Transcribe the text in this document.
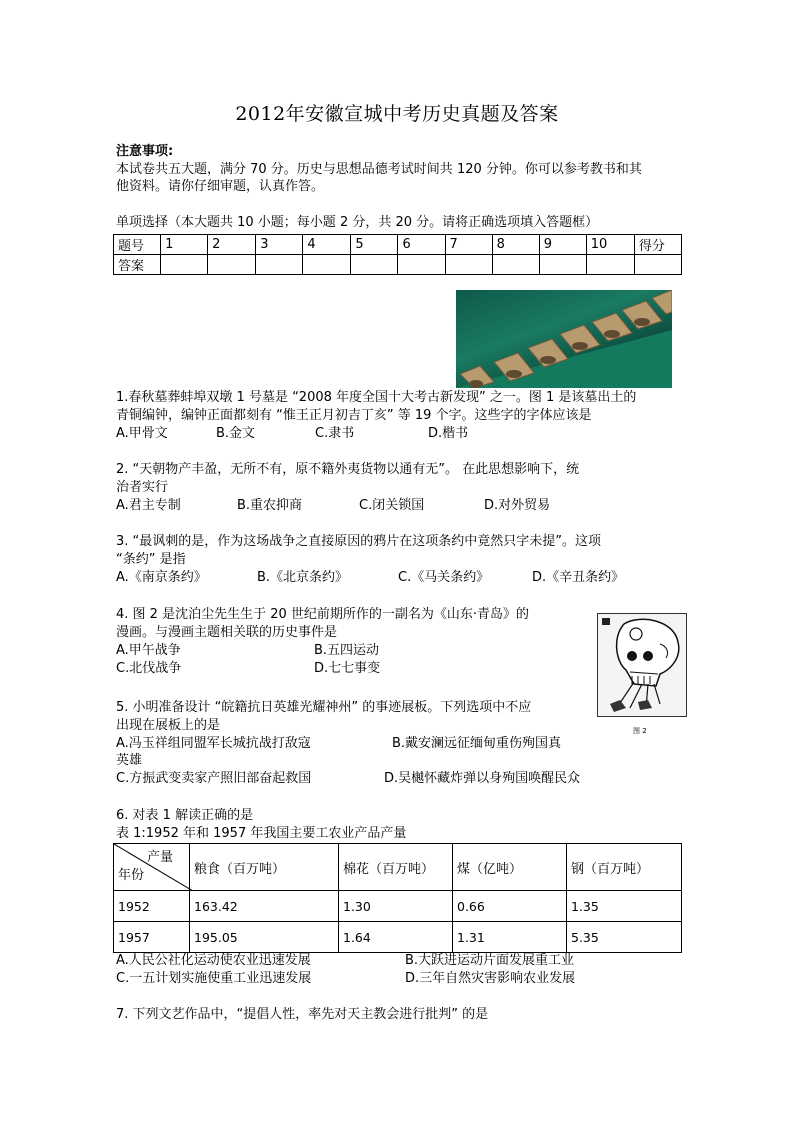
2012年安徽宣城中考历史真题及答案
注意事项:
本试卷共五大题，满分 70 分。历史与思想品德考试时间共 120 分钟。你可以参考教书和其
他资料。请你仔细审题，认真作答。
单项选择（本大题共 10 小题；每小题 2 分，共 20 分。请将正确选项填入答题框）
题号	1	2	3	4	5	6	7	8	9	10	得分
答案											
1.春秋墓葬蚌埠双墩 1 号墓是 “2008 年度全国十大考古新发现” 之一。图 1 是该墓出土的
青铜编钟，编钟正面都刻有 “惟王正月初吉丁亥” 等 19 个字。这些字的字体应该是
A.甲骨文	B.金文	C.隶书	D.楷书
2. “天朝物产丰盈，无所不有，原不籍外夷货物以通有无”。 在此思想影响下，统
治者实行
A.君主专制	B.重农抑商	C.闭关锁国	D.对外贸易
3. “最讽刺的是，作为这场战争之直接原因的鸦片在这项条约中竟然只字未提”。这项
“条约” 是指
A.《南京条约》	B.《北京条约》	C.《马关条约》	D.《辛丑条约》
4. 图 2 是沈泊尘先生生于 20 世纪前期所作的一副名为《山东·青岛》的
漫画。与漫画主题相关联的历史事件是
A.甲午战争	B.五四运动
C.北伐战争	D.七七事变
图 2
5. 小明准备设计 “皖籍抗日英雄光耀神州” 的事迹展板。下列选项中不应
出现在展板上的是
A.冯玉祥组同盟军长城抗战打敌寇	B.戴安澜远征缅甸重伤殉国真
英雄
C.方振武变卖家产照旧部奋起救国	D.吴樾怀藏炸弹以身殉国唤醒民众
6. 对表 1 解读正确的是
表 1:1952 年和 1957 年我国主要工农业产品产量
产量
年份	粮食（百万吨）	棉花（百万吨）	煤（亿吨）	钢（百万吨）
1952	163.42	1.30	0.66	1.35
1957	195.05	1.64	1.31	5.35
A.人民公社化运动使农业迅速发展	B.大跃进运动片面发展重工业
C.一五计划实施使重工业迅速发展	D.三年自然灾害影响农业发展
7. 下列文艺作品中，“提倡人性，率先对天主教会进行批判” 的是
